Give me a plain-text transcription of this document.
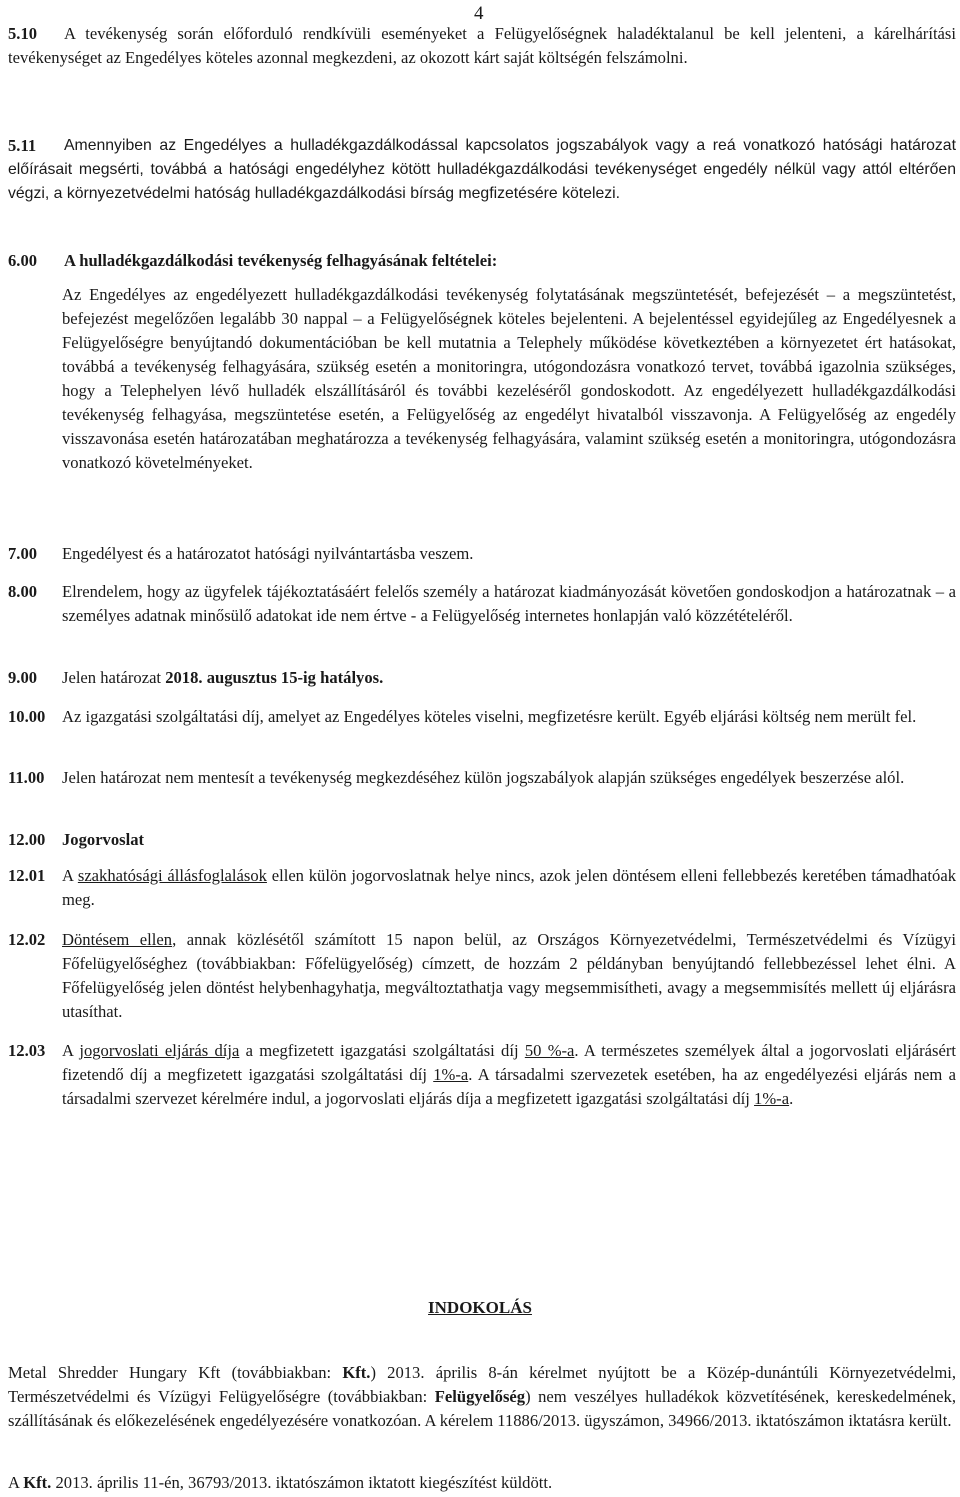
4
5.10	A tevékenység során előforduló rendkívüli eseményeket a Felügyelőségnek haladéktalanul be kell jelenteni, a kárelhárítási tevékenységet az Engedélyes köteles azonnal megkezdeni, az okozott kárt saját költségén felszámolni.
5.11	Amennyiben az Engedélyes a hulladékgazdálkodással kapcsolatos jogszabályok vagy a reá vonatkozó hatósági határozat előírásait megsérti, továbbá a hatósági engedélyhez kötött hulladékgazdálkodási tevékenységet engedély nélkül vagy attól eltérően végzi, a környezetvédelmi hatóság hulladékgazdálkodási bírság megfizetésére kötelezi.
6.00	A hulladékgazdálkodási tevékenység felhagyásának feltételei:
Az Engedélyes az engedélyezett hulladékgazdálkodási tevékenység folytatásának megszüntetését, befejezését – a megszüntetést, befejezést megelőzően legalább 30 nappal – a Felügyelőségnek köteles bejelenteni. A bejelentéssel egyidejűleg az Engedélyesnek a Felügyelőségre benyújtandó dokumentációban be kell mutatnia a Telephely működése következtében a környezetet ért hatásokat, továbbá a tevékenység felhagyására, szükség esetén a monitoringra, utógondozásra vonatkozó tervet, továbbá igazolnia szükséges, hogy a Telephelyen lévő hulladék elszállításáról és további kezeléséről gondoskodott. Az engedélyezett hulladékgazdálkodási tevékenység felhagyása, megszüntetése esetén, a Felügyelőség az engedélyt hivatalból visszavonja. A Felügyelőség az engedély visszavonása esetén határozatában meghatározza a tevékenység felhagyására, valamint szükség esetén a monitoringra, utógondozásra vonatkozó követelményeket.
7.00	Engedélyest és a határozatot hatósági nyilvántartásba veszem.
8.00	Elrendelem, hogy az ügyfelek tájékoztatásáért felelős személy a határozat kiadmányozását követően gondoskodjon a határozatnak – a személyes adatnak minősülő adatokat ide nem értve - a Felügyelőség internetes honlapján való közzétételéről.
9.00	Jelen határozat 2018. augusztus 15-ig hatályos.
10.00	Az igazgatási szolgáltatási díj, amelyet az Engedélyes köteles viselni, megfizetésre került. Egyéb eljárási költség nem merült fel.
11.00	Jelen határozat nem mentesít a tevékenység megkezdéséhez külön jogszabályok alapján szükséges engedélyek beszerzése alól.
12.00	Jogorvoslat
12.01	A szakhatósági állásfoglalások ellen külön jogorvoslatnak helye nincs, azok jelen döntésem elleni fellebbezés keretében támadhatóak meg.
12.02	Döntésem ellen, annak közlésétől számított 15 napon belül, az Országos Környezetvédelmi, Természetvédelmi és Vízügyi Főfelügyelőséghez (továbbiakban: Főfelügyelőség) címzett, de hozzám 2 példányban benyújtandó fellebbezéssel lehet élni. A Főfelügyelőség jelen döntést helybenhagyhatja, megváltoztathatja vagy megsemmisítheti, avagy a megsemmisítés mellett új eljárásra utasíthat.
12.03	A jogorvoslati eljárás díja a megfizetett igazgatási szolgáltatási díj 50 %-a. A természetes személyek által a jogorvoslati eljárásért fizetendő díj a megfizetett igazgatási szolgáltatási díj 1%-a. A társadalmi szervezetek esetében, ha az engedélyezési eljárás nem a társadalmi szervezet kérelmére indul, a jogorvoslati eljárás díja a megfizetett igazgatási szolgáltatási díj 1%-a.
INDOKOLÁS
Metal Shredder Hungary Kft (továbbiakban: Kft.) 2013. április 8-án kérelmet nyújtott be a Közép-dunántúli Környezetvédelmi, Természetvédelmi és Vízügyi Felügyelőségre (továbbiakban: Felügyelőség) nem veszélyes hulladékok közvetítésének, kereskedelmének, szállításának és előkezelésének engedélyezésére vonatkozóan. A kérelem 11886/2013. ügyszámon, 34966/2013. iktatószámon iktatásra került.
A Kft. 2013. április 11-én, 36793/2013. iktatószámon iktatott kiegészítést küldött.
